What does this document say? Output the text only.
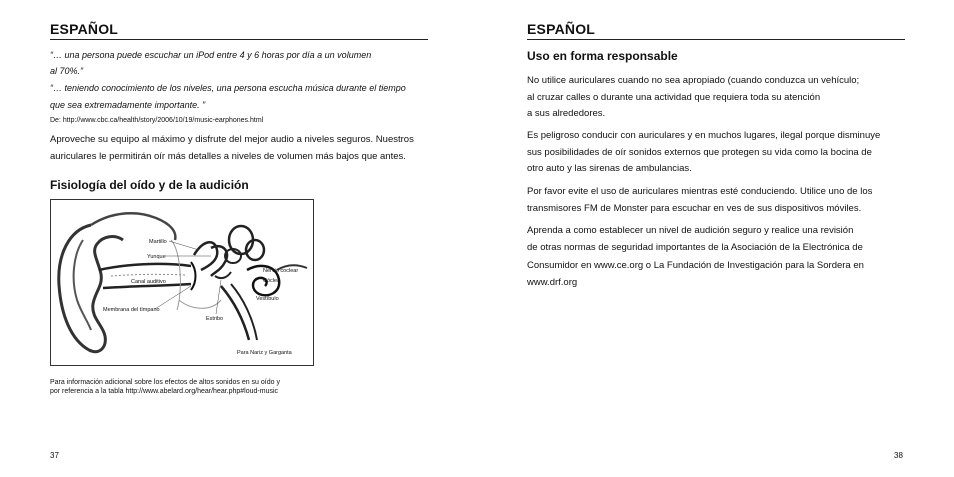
ESPAÑOL
“… una persona puede escuchar un iPod entre 4 y 6 horas por día a un volumen
al 70%.”
“… teniendo conocimiento de los niveles, una persona escucha música durante el tiempo
que sea extremadamente importante. ”
De: http://www.cbc.ca/health/story/2006/10/19/music-earphones.html
Aproveche su equipo al máximo y disfrute del mejor audio a niveles seguros. Nuestros
auriculares le permitirán oír más detalles a niveles de volumen más bajos que antes.
Fisiología del oído y de la audición
Martillo
Yunque
Canal auditivo
Membrana del tímpano
Estribo
Nervio coclear
Cóclea
Vestíbulo
Para Nariz y Garganta
Para información adicional sobre los efectos de altos sonidos en su oído y
por referencia a la tabla http://www.abelard.org/hear/hear.php#loud-music
37
ESPAÑOL
Uso en forma responsable
No utilice auriculares cuando no sea apropiado (cuando conduzca un vehículo;
al cruzar calles o durante una actividad que requiera toda su atención
a sus alrededores.
Es peligroso conducir con auriculares y en muchos lugares, ilegal porque disminuye
sus posibilidades de oír sonidos externos que protegen su vida como la bocina de
otro auto y las sirenas de ambulancias.
Por favor evite el uso de auriculares mientras esté conduciendo. Utilice uno de los
transmisores FM de Monster para escuchar en ves de sus dispositivos móviles.
Aprenda a como establecer un nivel de audición seguro y realice una revisión
de otras normas de seguridad importantes de la Asociación de la Electrónica de
Consumidor en www.ce.org o La Fundación de Investigación para la Sordera en
www.drf.org
38
